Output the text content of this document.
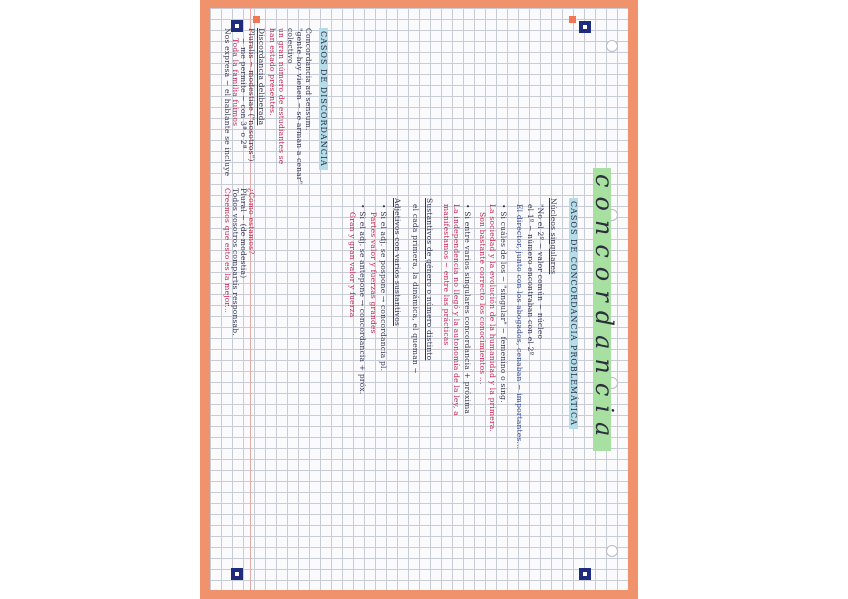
concordancia
CASOS DE CONCORDANCIA PROBLEMÁTICA
Núcleos singulares
"No el 2º ~ valor común ~ núcleo
el 1º ~ número encontraban con el 2º
El director, junto con los abogados, cenaban ~ importantes...
• Si cuáles de los ~ "singular" ~ femenino o sing.
La sociedad y la evolución de la humanidad y la primera.
Son bastante correcto los conocimientos ...
• Si entre varios singulares concordancia + próxima
La independencia no llegó y la autonomía de la ley, a
manifestamos ~ entre las prácticas
Sustantivos de género o número distinto
el cada primera, la dinámica, el queman ~
Adjetivos con varios sustantivos
• Si el adj. se pospone → concordancia pl.
Partes valor y fuerzas grandes
• Si el adj. se antepone → concordancia + próx.
Gran y gran valor y fuerza
CASOS DE DISCORDANCIA
Concordancia ad sensum.
"gente hoy vienen ~ se arman a cenar"
colectivo
un gran número de estudiantes se
han estado presentes.
Discordancia deliberada
Pluralis ~ modestiae ("nosotros")
~ me permite ~ con 3ª o 2ª
Toda la familia fuimos
Nos expresa ~ el hablante se incluye
¿Cómo estamos?
Plural ~ (de modestia)
Todos vosotros compartís responsab.
Creemos que esto es la mejor...
